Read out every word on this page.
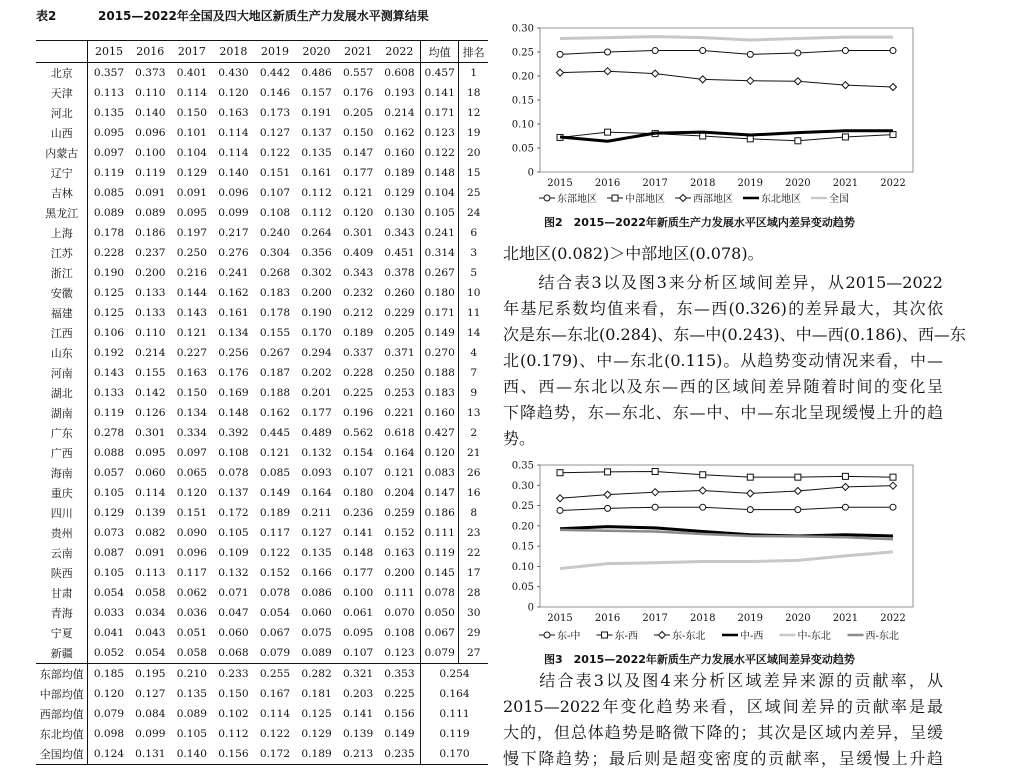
表2	2015—2022年全国及四大地区新质生产力发展水平测算结果
	2015	2016	2017	2018	2019	2020	2021	2022	均值	排名
北京	0.357	0.373	0.401	0.430	0.442	0.486	0.557	0.608	0.457	1
天津	0.113	0.110	0.114	0.120	0.146	0.157	0.176	0.193	0.141	18
河北	0.135	0.140	0.150	0.163	0.173	0.191	0.205	0.214	0.171	12
山西	0.095	0.096	0.101	0.114	0.127	0.137	0.150	0.162	0.123	19
内蒙古	0.097	0.100	0.104	0.114	0.122	0.135	0.147	0.160	0.122	20
辽宁	0.119	0.119	0.129	0.140	0.151	0.161	0.177	0.189	0.148	15
吉林	0.085	0.091	0.091	0.096	0.107	0.112	0.121	0.129	0.104	25
黑龙江	0.089	0.089	0.095	0.099	0.108	0.112	0.120	0.130	0.105	24
上海	0.178	0.186	0.197	0.217	0.240	0.264	0.301	0.343	0.241	6
江苏	0.228	0.237	0.250	0.276	0.304	0.356	0.409	0.451	0.314	3
浙江	0.190	0.200	0.216	0.241	0.268	0.302	0.343	0.378	0.267	5
安徽	0.125	0.133	0.144	0.162	0.183	0.200	0.232	0.260	0.180	10
福建	0.125	0.133	0.143	0.161	0.178	0.190	0.212	0.229	0.171	11
江西	0.106	0.110	0.121	0.134	0.155	0.170	0.189	0.205	0.149	14
山东	0.192	0.214	0.227	0.256	0.267	0.294	0.337	0.371	0.270	4
河南	0.143	0.155	0.163	0.176	0.187	0.202	0.228	0.250	0.188	7
湖北	0.133	0.142	0.150	0.169	0.188	0.201	0.225	0.253	0.183	9
湖南	0.119	0.126	0.134	0.148	0.162	0.177	0.196	0.221	0.160	13
广东	0.278	0.301	0.334	0.392	0.445	0.489	0.562	0.618	0.427	2
广西	0.088	0.095	0.097	0.108	0.121	0.132	0.154	0.164	0.120	21
海南	0.057	0.060	0.065	0.078	0.085	0.093	0.107	0.121	0.083	26
重庆	0.105	0.114	0.120	0.137	0.149	0.164	0.180	0.204	0.147	16
四川	0.129	0.139	0.151	0.172	0.189	0.211	0.236	0.259	0.186	8
贵州	0.073	0.082	0.090	0.105	0.117	0.127	0.141	0.152	0.111	23
云南	0.087	0.091	0.096	0.109	0.122	0.135	0.148	0.163	0.119	22
陕西	0.105	0.113	0.117	0.132	0.152	0.166	0.177	0.200	0.145	17
甘肃	0.054	0.058	0.062	0.071	0.078	0.086	0.100	0.111	0.078	28
青海	0.033	0.034	0.036	0.047	0.054	0.060	0.061	0.070	0.050	30
宁夏	0.041	0.043	0.051	0.060	0.067	0.075	0.095	0.108	0.067	29
新疆	0.052	0.054	0.058	0.068	0.079	0.089	0.107	0.123	0.079	27
东部均值	0.185	0.195	0.210	0.233	0.255	0.282	0.321	0.353	0.254	
中部均值	0.120	0.127	0.135	0.150	0.167	0.181	0.203	0.225	0.164	
西部均值	0.079	0.084	0.089	0.102	0.114	0.125	0.141	0.156	0.111	
东北均值	0.098	0.099	0.105	0.112	0.122	0.129	0.139	0.149	0.119	
全国均值	0.124	0.131	0.140	0.156	0.172	0.189	0.213	0.235	0.170	
0
0.05
0.10
0.15
0.20
0.25
0.30
2015 2016 2017 2018 2019 2020 2021 2022
东部地区	中部地区	西部地区	东北地区	全国
图2　2015—2022年新质生产力发展水平区域内差异变动趋势
北地区(0.082)＞中部地区(0.078)。
　　结合表3以及图3来分析区域间差异，从2015—2022
年基尼系数均值来看，东—西(0.326)的差异最大，其次依
次是东—东北(0.284)、东—中(0.243)、中—西(0.186)、西—东
北(0.179)、中—东北(0.115)。从趋势变动情况来看，中—
西、西—东北以及东—西的区域间差异随着时间的变化呈
下降趋势，东—东北、东—中、中—东北呈现缓慢上升的趋
势。
0
0.05
0.10
0.15
0.20
0.25
0.30
0.35
2015 2016 2017 2018 2019 2020 2021 2022
东-中	东-西	东-东北	中-西	中-东北	西-东北
图3　2015—2022年新质生产力发展水平区域间差异变动趋势
　　结合表3以及图4来分析区域差异来源的贡献率，从
2015—2022年变化趋势来看，区域间差异的贡献率是最
大的，但总体趋势是略微下降的；其次是区域内差异，呈缓
慢下降趋势；最后则是超变密度的贡献率，呈缓慢上升趋
